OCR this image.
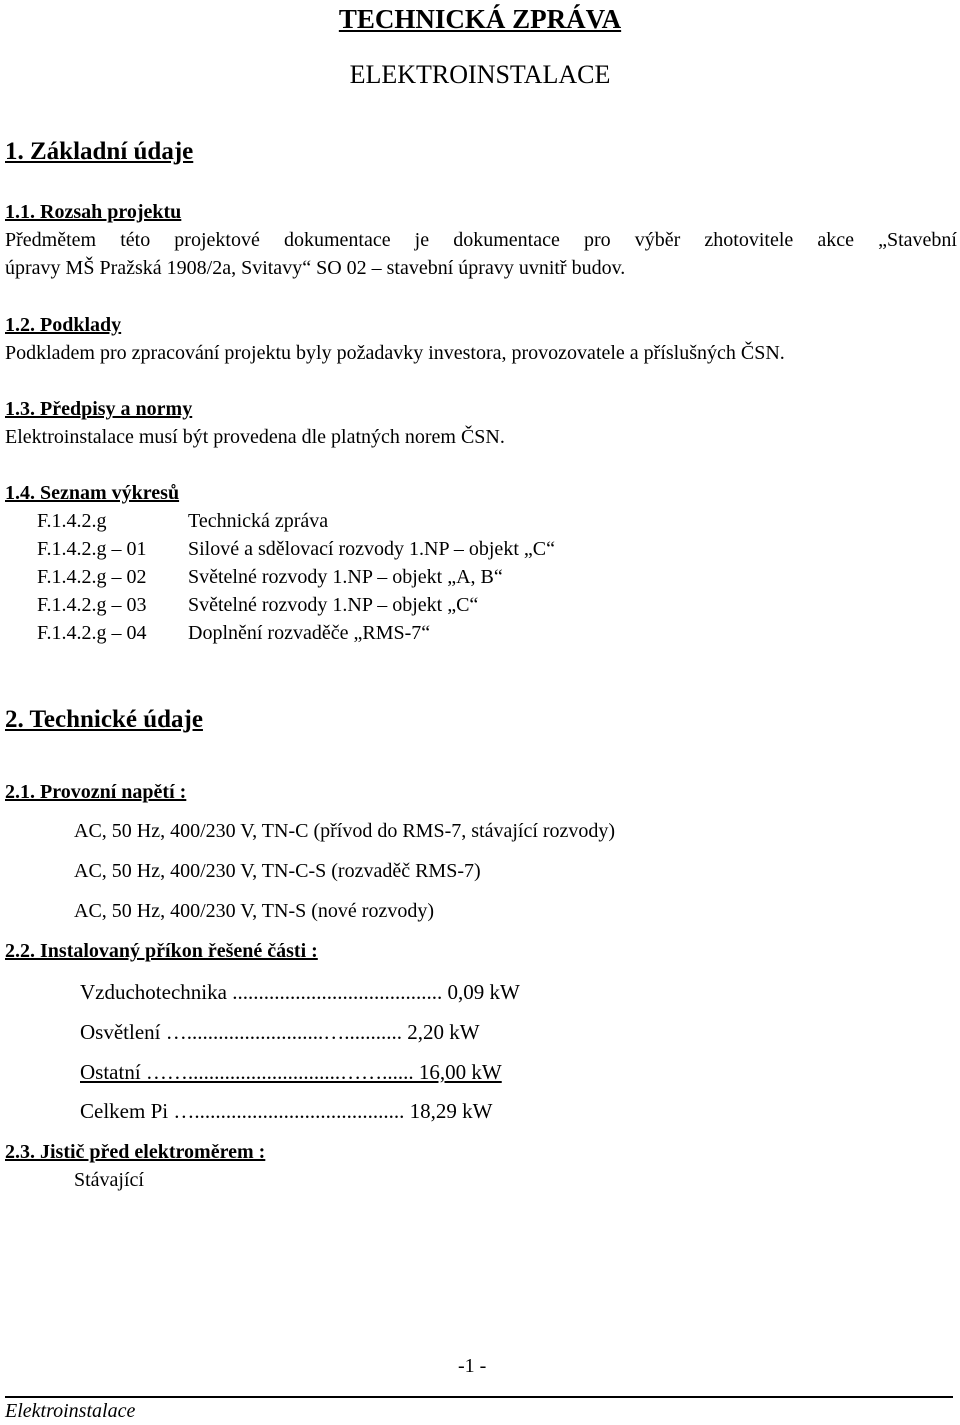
TECHNICKÁ ZPRÁVA
ELEKTROINSTALACE
1. Základní údaje
1.1. Rozsah projektu
Předmětem této projektové dokumentace je dokumentace pro výběr zhotovitele akce „Stavební
úpravy MŠ Pražská 1908/2a, Svitavy“ SO 02 – stavební úpravy uvnitř budov.
1.2. Podklady
Podkladem pro zpracování projektu byly požadavky investora, provozovatele a příslušných ČSN.
1.3. Předpisy a normy
Elektroinstalace musí být provedena dle platných norem ČSN.
1.4. Seznam výkresů
F.1.4.2.g	Technická zpráva
F.1.4.2.g – 01 Silové a sdělovací rozvody 1.NP – objekt „C“
F.1.4.2.g – 02 Světelné rozvody 1.NP – objekt „A, B“
F.1.4.2.g – 03 Světelné rozvody 1.NP – objekt „C“
F.1.4.2.g – 04 Doplnění rozvaděče „RMS-7“
2. Technické údaje
2.1. Provozní napětí :
AC, 50 Hz, 400/230 V, TN-C (přívod do RMS-7, stávající rozvody)
AC, 50 Hz, 400/230 V, TN-C-S (rozvaděč RMS-7)
AC, 50 Hz, 400/230 V, TN-S (nové rozvody)
2.2. Instalovaný příkon řešené části :
Vzduchotechnika ........................................ 0,09 kW
Osvětlení …..........................…........... 2,20 kW
Ostatní …….............................……...... 16,00 kW
Celkem Pi …........................................ 18,29 kW
2.3. Jistič před elektroměrem :
Stávající
-1 -
Elektroinstalace
